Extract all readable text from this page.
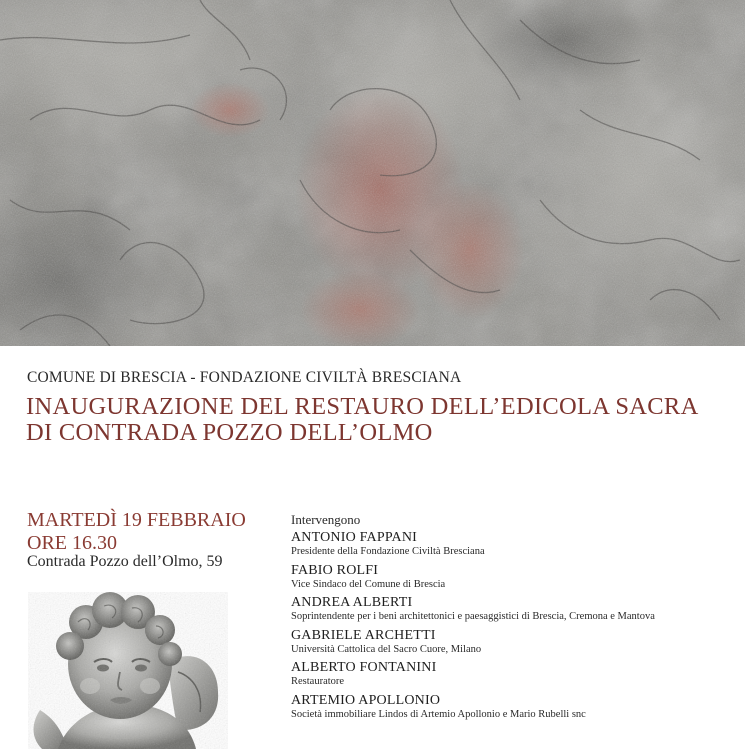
COMUNE DI BRESCIA - FONDAZIONE CIVILTÀ BRESCIANA
INAUGURAZIONE DEL RESTAURO DELL’EDICOLA SACRA
DI CONTRADA POZZO DELL’OLMO
MARTEDÌ 19 FEBBRAIO
ORE 16.30
Contrada Pozzo dell’Olmo, 59
Intervengono
ANTONIO FAPPANI
Presidente della Fondazione Civiltà Bresciana
FABIO ROLFI
Vice Sindaco del Comune di Brescia
ANDREA ALBERTI
Soprintendente per i beni architettonici e paesaggistici di Brescia, Cremona e Mantova
GABRIELE ARCHETTI
Università Cattolica del Sacro Cuore, Milano
ALBERTO FONTANINI
Restauratore
ARTEMIO APOLLONIO
Società immobiliare Lindos di Artemio Apollonio e Mario Rubelli snc
